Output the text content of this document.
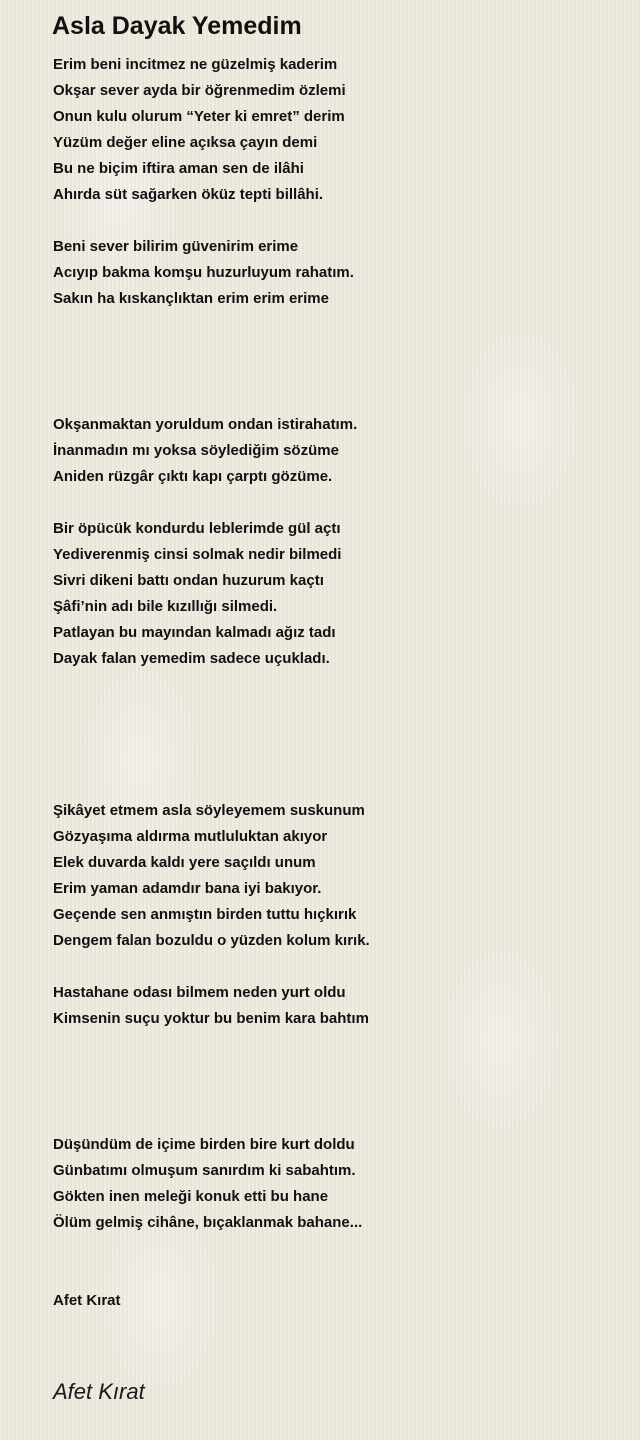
Asla Dayak Yemedim
Erim beni incitmez ne güzelmiş kaderim
Okşar sever ayda bir öğrenmedim özlemi
Onun kulu olurum “Yeter ki emret” derim
Yüzüm değer eline açıksa çayın demi
Bu ne biçim iftira aman sen de ilâhi
Ahırda süt sağarken öküz tepti billâhi.
Beni sever bilirim güvenirim erime
Acıyıp bakma komşu huzurluyum rahatım.
Sakın ha kıskançlıktan erim erim erime
Okşanmaktan yoruldum ondan istirahatım.
İnanmadın mı yoksa söylediğim sözüme
Aniden rüzgâr çıktı kapı çarptı gözüme.
Bir öpücük kondurdu leblerimde gül açtı
Yediverenmiş cinsi solmak nedir bilmedi
Sivri dikeni battı ondan huzurum kaçtı
Şâfi’nin adı bile kızıllığı silmedi.
Patlayan bu mayından kalmadı ağız tadı
Dayak falan yemedim sadece uçukladı.
Şikâyet etmem asla söyleyemem suskunum
Gözyaşıma aldırma mutluluktan akıyor
Elek duvarda kaldı yere saçıldı unum
Erim yaman adamdır bana iyi bakıyor.
Geçende sen anmıştın birden tuttu hıçkırık
Dengem falan bozuldu o yüzden kolum kırık.
Hastahane odası bilmem neden yurt oldu
Kimsenin suçu yoktur bu benim kara bahtım
Düşündüm de içime birden bire kurt doldu
Günbatımı olmuşum sanırdım ki sabahtım.
Gökten inen meleği konuk etti bu hane
Ölüm gelmiş cihâne, bıçaklanmak bahane...
Afet Kırat
Afet Kırat
